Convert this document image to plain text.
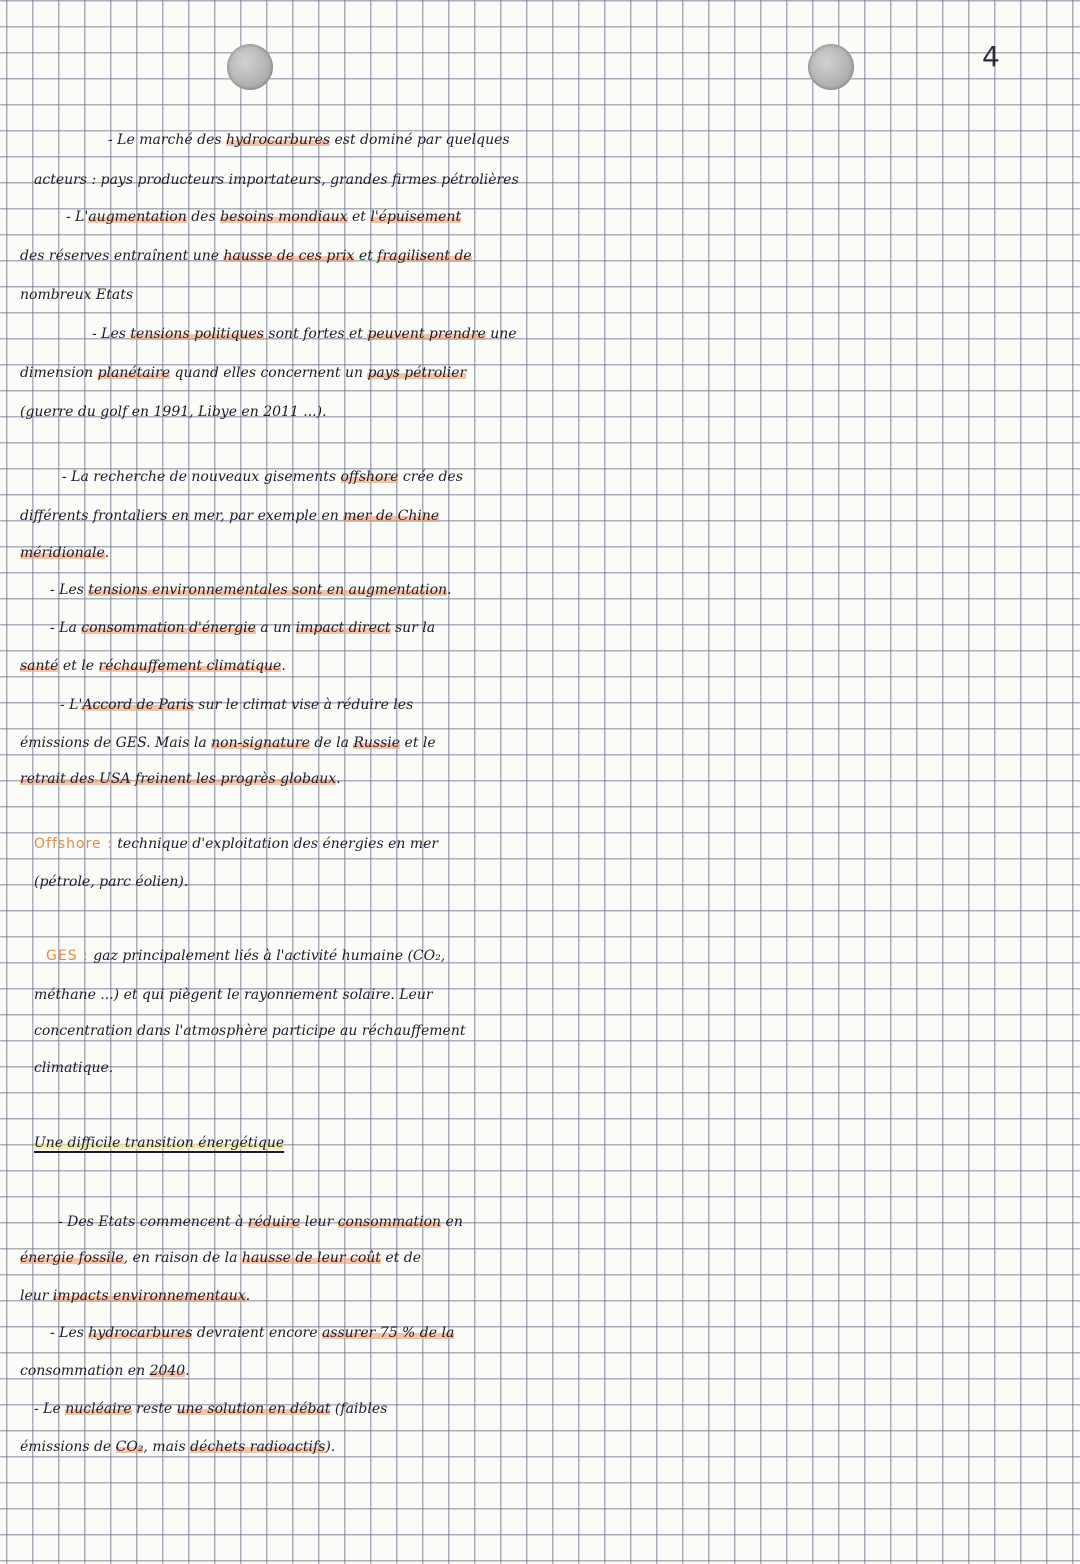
4
- Le marché des hydrocarbures est dominé par quelques
acteurs : pays producteurs importateurs, grandes firmes pétrolières
- L'augmentation des besoins mondiaux et l'épuisement
des réserves entraînent une hausse de ces prix et fragilisent de
nombreux Etats
- Les tensions politiques sont fortes et peuvent prendre une
dimension planétaire quand elles concernent un pays pétrolier
(guerre du golf en 1991, Libye en 2011 ...).
- La recherche de nouveaux gisements offshore crée des
différents frontaliers en mer, par exemple en mer de Chine
méridionale.
- Les tensions environnementales sont en augmentation.
- La consommation d'énergie a un impact direct sur la
santé et le réchauffement climatique.
- L'Accord de Paris sur le climat vise à réduire les
émissions de GES. Mais la non-signature de la Russie et le
retrait des USA freinent les progrès globaux.
Offshore : technique d'exploitation des énergies en mer
(pétrole, parc éolien).
GES : gaz principalement liés à l'activité humaine (CO₂,
méthane ...) et qui piègent le rayonnement solaire. Leur
concentration dans l'atmosphère participe au réchauffement
climatique.
Une difficile transition énergétique
- Des Etats commencent à réduire leur consommation en
énergie fossile, en raison de la hausse de leur coût et de
leur impacts environnementaux.
- Les hydrocarbures devraient encore assurer 75 % de la
consommation en 2040.
- Le nucléaire reste une solution en débat (faibles
émissions de CO₂, mais déchets radioactifs).
